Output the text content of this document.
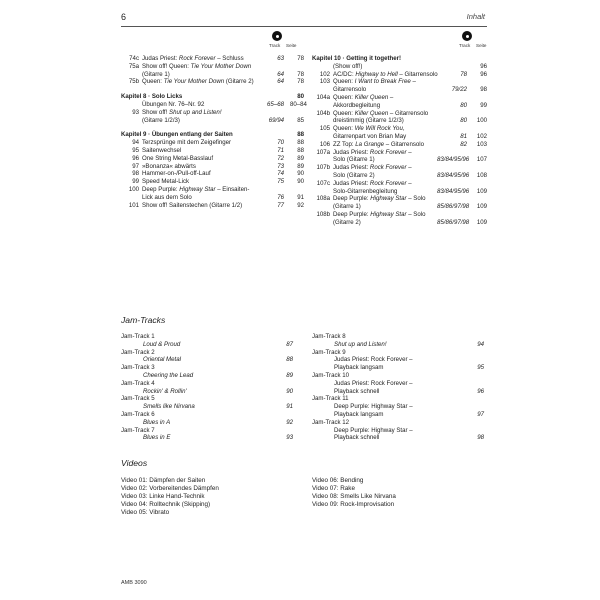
6	Inhalt
Track Seite	Track Seite
74c Judas Priest: Rock Forever – Schluss	63	78
75a Show off! Queen: Tie Your Mother Down
(Gitarre 1)	64	78
75b Queen: Tie Your Mother Down (Gitarre 2)	64	78
Kapitel 8 · Solo Licks	80
Übungen Nr. 76–Nr. 92	65–68 80–84
93 Show off! Shut up and Listen!
(Gitarre 1/2/3)	69/94	85
Kapitel 9 · Übungen entlang der Saiten	88
94 Terzsprünge mit dem Zeigefinger	70	88
95 Saitenwechsel	71	88
96 One String Metal-Basslauf	72	89
97 »Bonanza« abwärts	73	89
98 Hammer-on-/Pull-off-Lauf	74	90
99 Speed Metal-Lick	75	90
100 Deep Purple: Highway Star – Einsaiten-
Lick aus dem Solo	76	91
101 Show off! Saitenstechen (Gitarre 1/2)	77	92
Kapitel 10 · Getting it together!
(Show off!)	96
102 AC/DC: Highway to Hell – Gitarrensolo	78	96
103 Queen: I Want to Break Free –
Gitarrensolo	79/22	98
104a Queen: Killer Queen –
Akkordbegleitung	80	99
104b Queen: Killer Queen – Gitarrensolo
dreistimmig (Gitarre 1/2/3)	80	100
105 Queen: We Will Rock You,
Gitarrenpart von Brian May	81	102
106 ZZ Top: La Grange – Gitarrensolo	82	103
107a Judas Priest: Rock Forever –
Solo (Gitarre 1)	83/84/95/96	107
107b Judas Priest: Rock Forever –
Solo (Gitarre 2)	83/84/95/96	108
107c Judas Priest: Rock Forever –
Solo-Gitarrenbegleitung	83/84/95/96	109
108a Deep Purple: Highway Star – Solo
(Gitarre 1)	85/86/97/98	109
108b Deep Purple: Highway Star – Solo
(Gitarre 2)	85/86/97/98	109
Jam-Tracks
Jam-Track 1
Loud & Proud	87
Jam-Track 2
Oriental Metal	88
Jam-Track 3
Cheering the Lead	89
Jam-Track 4
Rockin' & Rollin'	90
Jam-Track 5
Smells like Nirvana	91
Jam-Track 6
Blues in A	92
Jam-Track 7
Blues in E	93
Jam-Track 8
Shut up and Listen!	94
Jam-Track 9
Judas Priest: Rock Forever –
Playback langsam	95
Jam-Track 10
Judas Priest: Rock Forever –
Playback schnell	96
Jam-Track 11
Deep Purple: Highway Star –
Playback langsam	97
Jam-Track 12
Deep Purple: Highway Star –
Playback schnell	98
Videos
Video 01: Dämpfen der Saiten
Video 02: Vorbereitendes Dämpfen
Video 03: Linke Hand-Technik
Video 04: Rolltechnik (Skipping)
Video 05: Vibrato
Video 06: Bending
Video 07: Rake
Video 08: Smells Like Nirvana
Video 09: Rock-Improvisation
AMB 3090
